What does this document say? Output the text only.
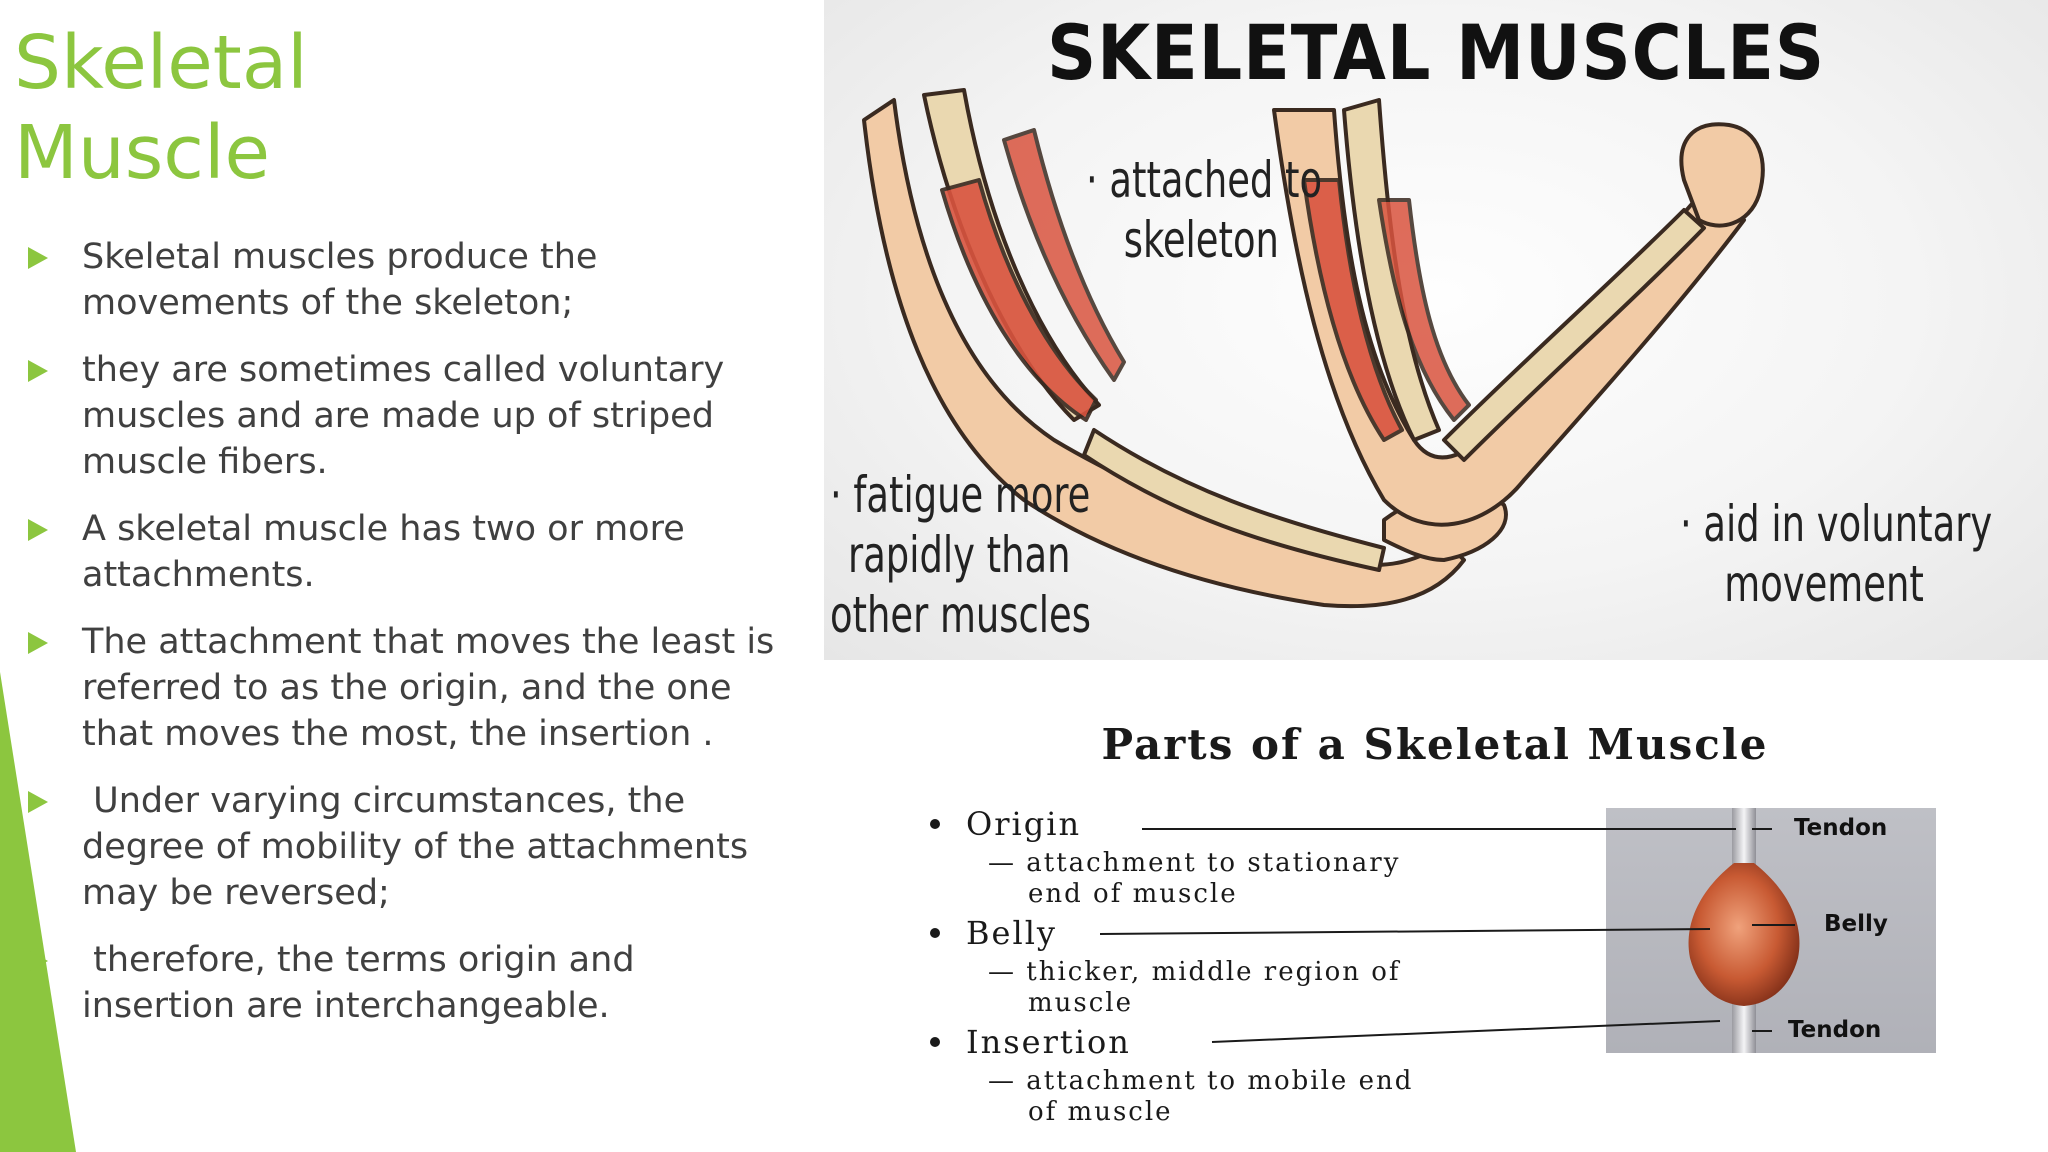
Skeletal
Muscle
Skeletal muscles produce the
movements of the skeleton;
they are sometimes called voluntary
muscles and are made up of striped
muscle fibers.
A skeletal muscle has two or more
attachments.
The attachment that moves the least is
referred to as the origin, and the one
that moves the most, the insertion .
Under varying circumstances, the
degree of mobility of the attachments
may be reversed;
therefore, the terms origin and
insertion are interchangeable.
SKELETAL MUSCLES
· attached to
skeleton
· fatigue more
rapidly than
other muscles
· aid in voluntary
movement
Parts of a Skeletal Muscle
Origin
— attachment to stationary
end of muscle
Belly
— thicker, middle region of
muscle
Insertion
— attachment to mobile end
of muscle
Tendon
Belly
Tendon
